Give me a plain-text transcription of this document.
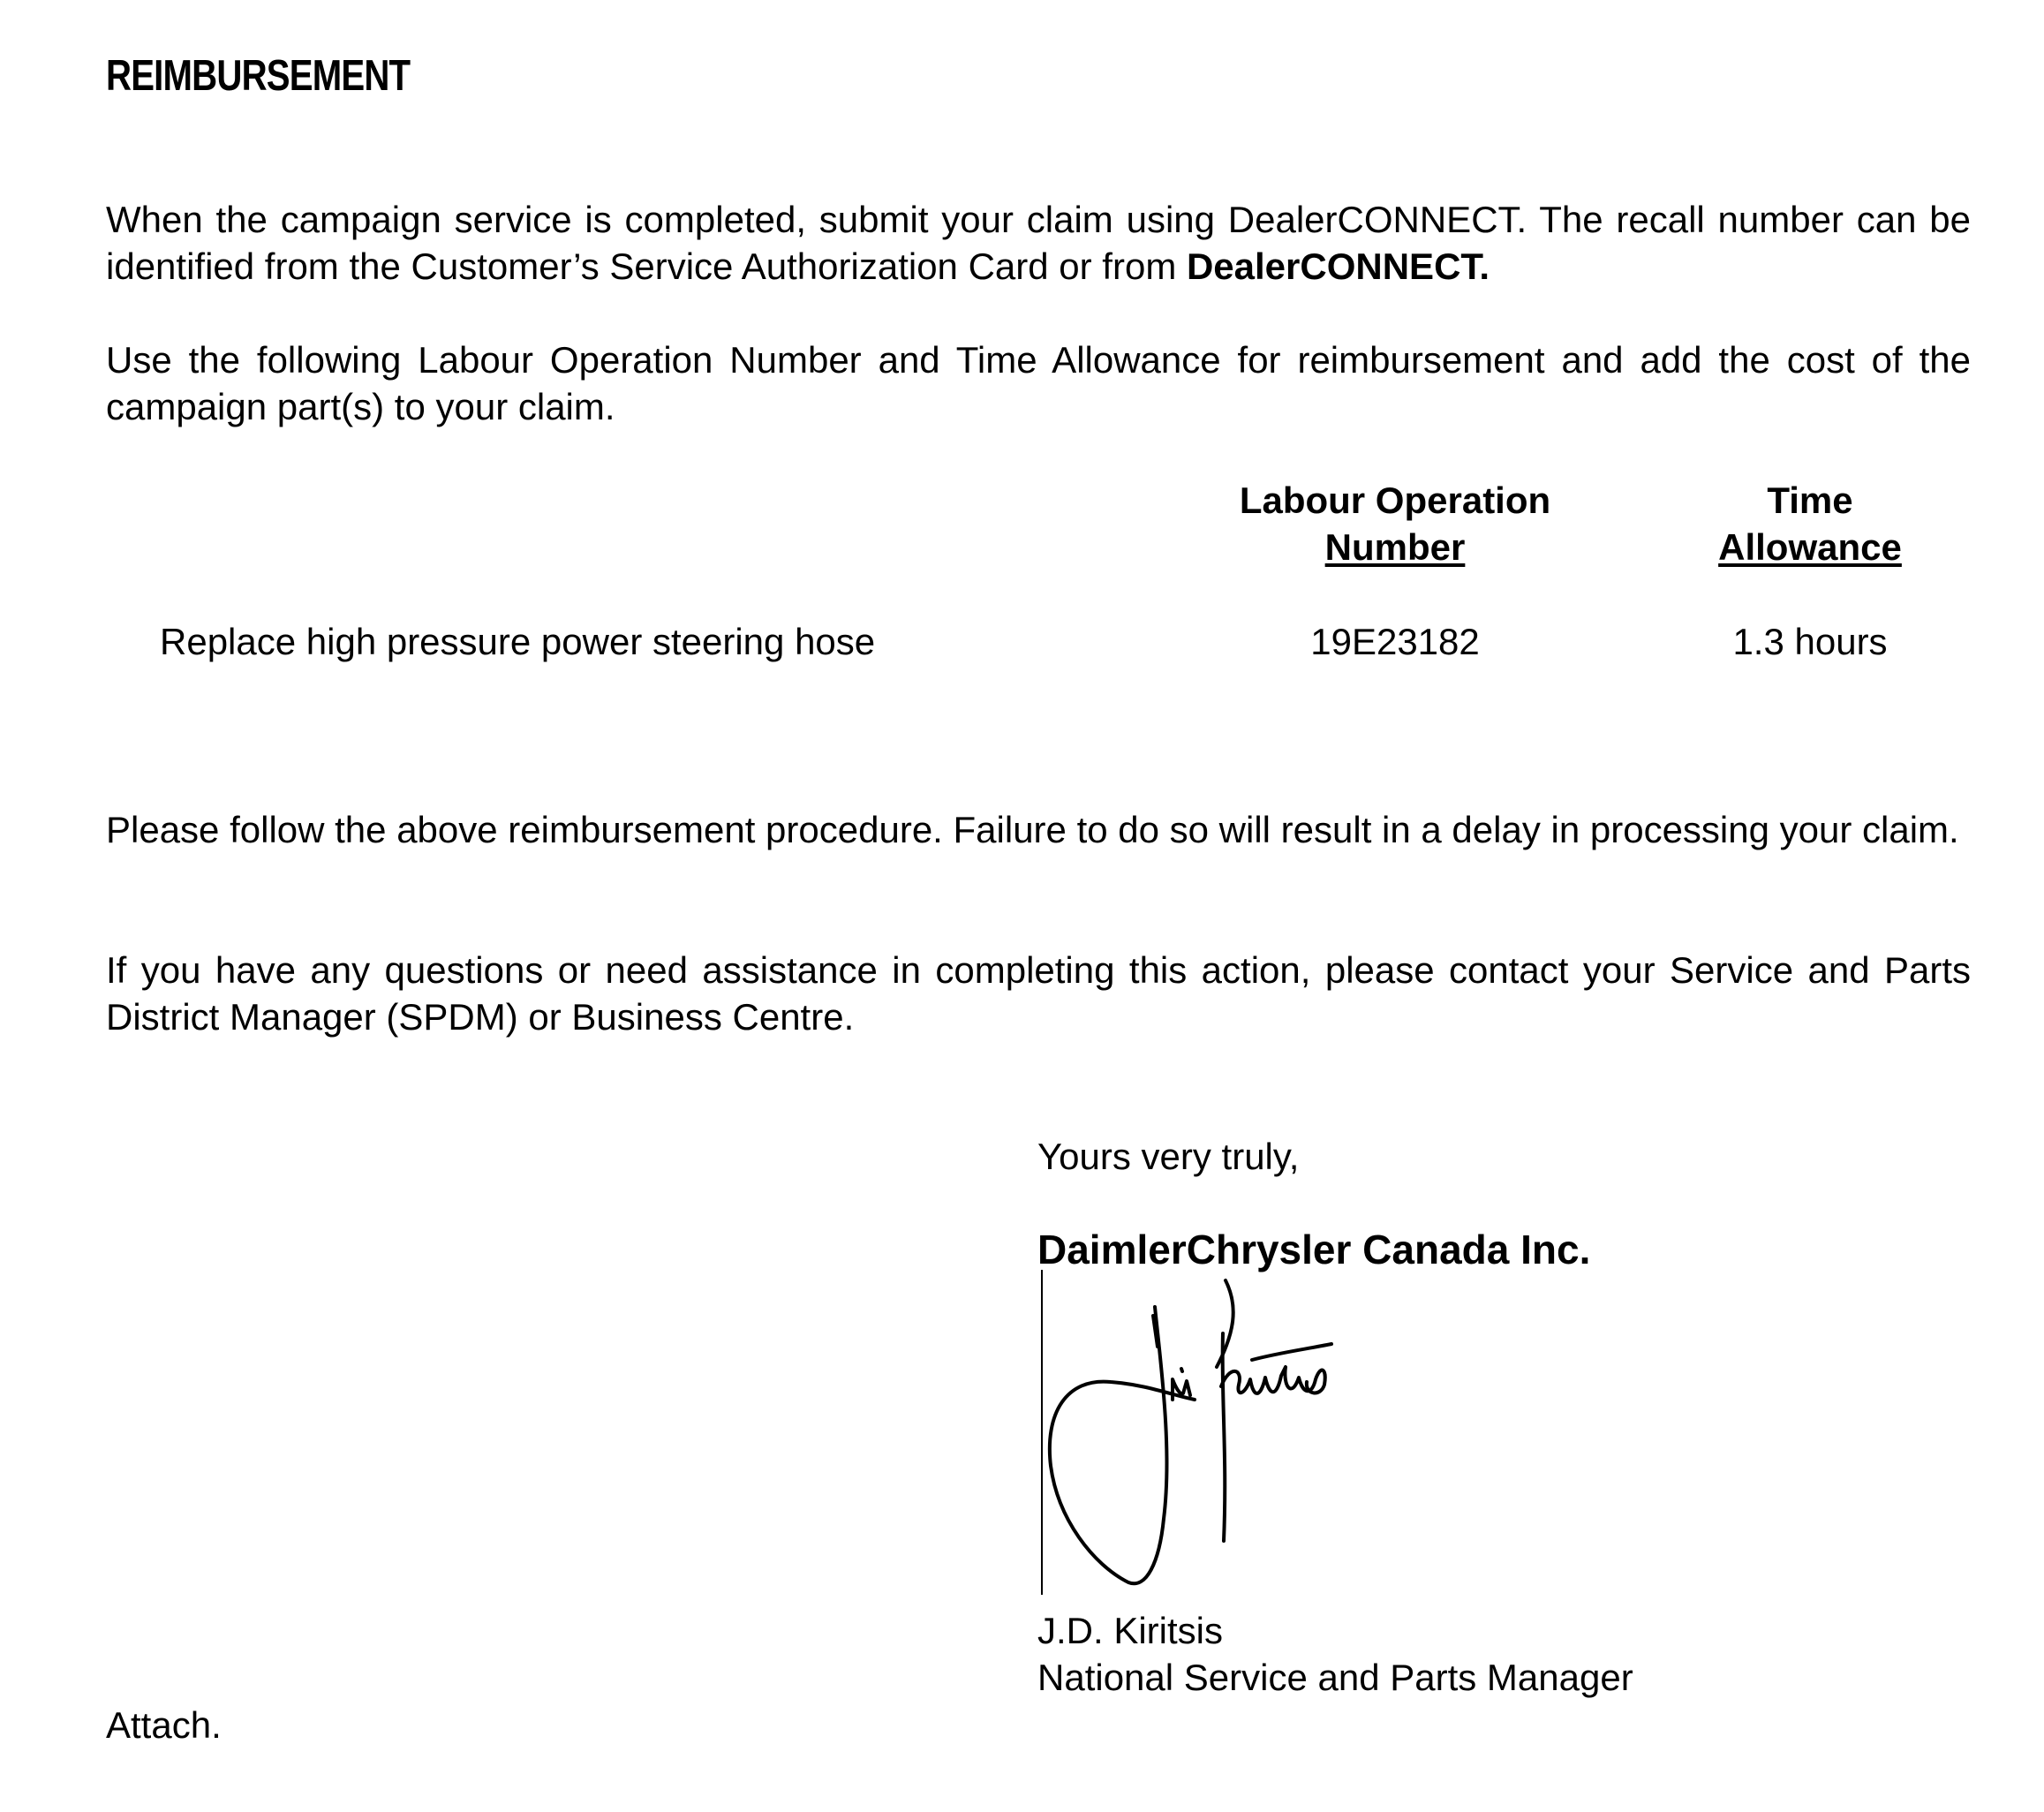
REIMBURSEMENT

When the campaign service is completed, submit your claim using DealerCONNECT. The recall number can be identified from the Customer’s Service Authorization Card or from DealerCONNECT.

Use the following Labour Operation Number and Time Allowance for reimbursement and add the cost of the campaign part(s) to your claim.

Labour Operation
Number
Time
Allowance
Replace high pressure power steering hose	19E23182	1.3 hours

Please follow the above reimbursement procedure. Failure to do so will result in a delay in processing your claim.

If you have any questions or need assistance in completing this action, please contact your Service and Parts District Manager (SPDM) or Business Centre.

Yours very truly,
DaimlerChrysler Canada Inc.
J.D. Kiritsis
National Service and Parts Manager
Attach.
